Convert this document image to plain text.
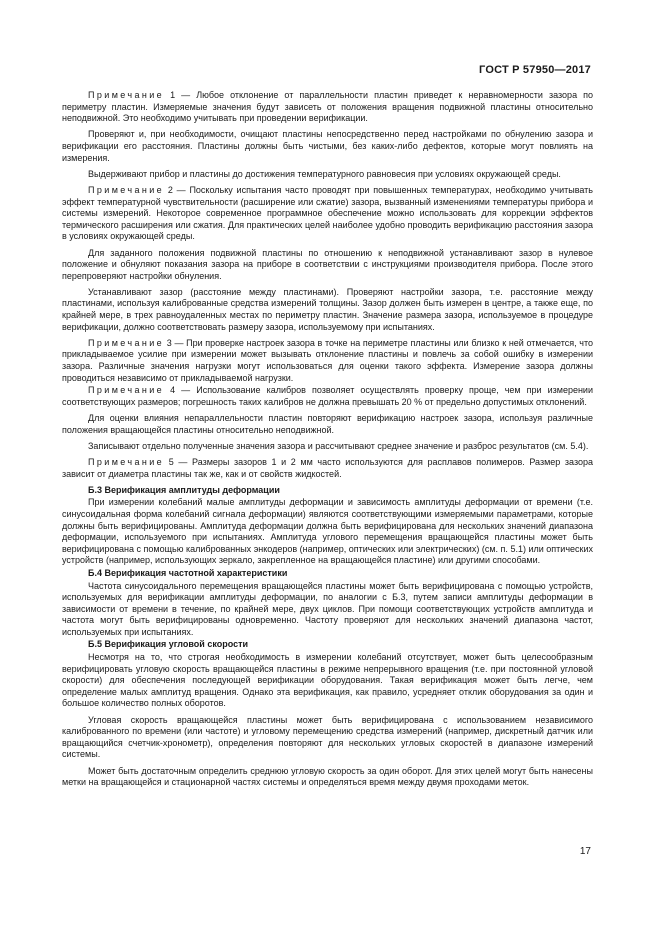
ГОСТ Р 57950—2017

Примечание 1 — Любое отклонение от параллельности пластин приведет к неравномерности зазора по периметру пластин. Измеряемые значения будут зависеть от положения вращения подвижной пластины относительно неподвижной. Это необходимо учитывать при проведении верификации.

Проверяют и, при необходимости, очищают пластины непосредственно перед настройками по обнулению зазора и верификации его расстояния. Пластины должны быть чистыми, без каких-либо дефектов, которые могут повлиять на измерения.

Выдерживают прибор и пластины до достижения температурного равновесия при условиях окружающей среды.

Примечание 2 — Поскольку испытания часто проводят при повышенных температурах, необходимо учитывать эффект температурной чувствительности (расширение или сжатие) зазора, вызванный изменениями температуры прибора и системы измерений. Некоторое современное программное обеспечение можно использовать для коррекции эффектов термического расширения или сжатия. Для практических целей наиболее удобно проводить верификацию расстояния зазора в условиях окружающей среды.

Для заданного положения подвижной пластины по отношению к неподвижной устанавливают зазор в нулевое положение и обнуляют показания зазора на приборе в соответствии с инструкциями производителя прибора. После этого перепроверяют настройки обнуления.

Устанавливают зазор (расстояние между пластинами). Проверяют настройки зазора, т.е. расстояние между пластинами, используя калиброванные средства измерений толщины. Зазор должен быть измерен в центре, а также еще, по крайней мере, в трех равноудаленных местах по периметру пластин. Значение размера зазора, используемое в процедуре верификации, должно соответствовать размеру зазора, используемому при испытаниях.

Примечание 3 — При проверке настроек зазора в точке на периметре пластины или близко к ней отмечается, что прикладываемое усилие при измерении может вызывать отклонение пластины и повлечь за собой ошибку в измерении зазора. Различные значения нагрузки могут использоваться для оценки такого эффекта. Измерение зазора должны проводиться независимо от прикладываемой нагрузки.

Примечание 4 — Использование калибров позволяет осуществлять проверку проще, чем при измерении соответствующих размеров; погрешность таких калибров не должна превышать 20 % от предельно допустимых отклонений.

Для оценки влияния непараллельности пластин повторяют верификацию настроек зазора, используя различные положения вращающейся пластины относительно неподвижной.

Записывают отдельно полученные значения зазора и рассчитывают среднее значение и разброс результатов (см. 5.4).

Примечание 5 — Размеры зазоров 1 и 2 мм часто используются для расплавов полимеров. Размер зазора зависит от диаметра пластины так же, как и от свойств жидкостей.

Б.3 Верификация амплитуды деформации

При измерении колебаний малые амплитуды деформации и зависимость амплитуды деформации от времени (т.е. синусоидальная форма колебаний сигнала деформации) являются соответствующими измеряемыми параметрами, которые должны быть верифицированы. Амплитуда деформации должна быть верифицирована для нескольких значений диапазона деформации, используемого при испытаниях. Амплитуда углового перемещения вращающейся пластины может быть верифицирована с помощью калиброванных энкодеров (например, оптических или электрических) (см. п. 5.1) или оптических устройств (например, использующих зеркало, закрепленное на вращающейся пластине) или другими способами.

Б.4 Верификация частотной характеристики

Частота синусоидального перемещения вращающейся пластины может быть верифицирована с помощью устройств, используемых для верификации амплитуды деформации, по аналогии с Б.3, путем записи амплитуды деформации в зависимости от времени в течение, по крайней мере, двух циклов. При помощи соответствующих устройств амплитуда и частота могут быть верифицированы одновременно. Частоту проверяют для нескольких значений диапазона частот, используемых при испытаниях.

Б.5 Верификация угловой скорости

Несмотря на то, что строгая необходимость в измерении колебаний отсутствует, может быть целесообразным верифицировать угловую скорость вращающейся пластины в режиме непрерывного вращения (т.е. при постоянной угловой скорости) для обеспечения последующей верификации оборудования. Такая верификация может быть легче, чем определение малых амплитуд вращения. Однако эта верификация, как правило, усредняет отклик оборудования за один и большое количество полных оборотов.

Угловая скорость вращающейся пластины может быть верифицирована с использованием независимого калиброванного по времени (или частоте) и угловому перемещению средства измерений (например, дискретный датчик или вращающийся счетчик-хронометр), определения повторяют для нескольких угловых скоростей в диапазоне измерений системы.

Может быть достаточным определить среднюю угловую скорость за один оборот. Для этих целей могут быть нанесены метки на вращающейся и стационарной частях системы и определяться время между двумя проходами меток.

17
